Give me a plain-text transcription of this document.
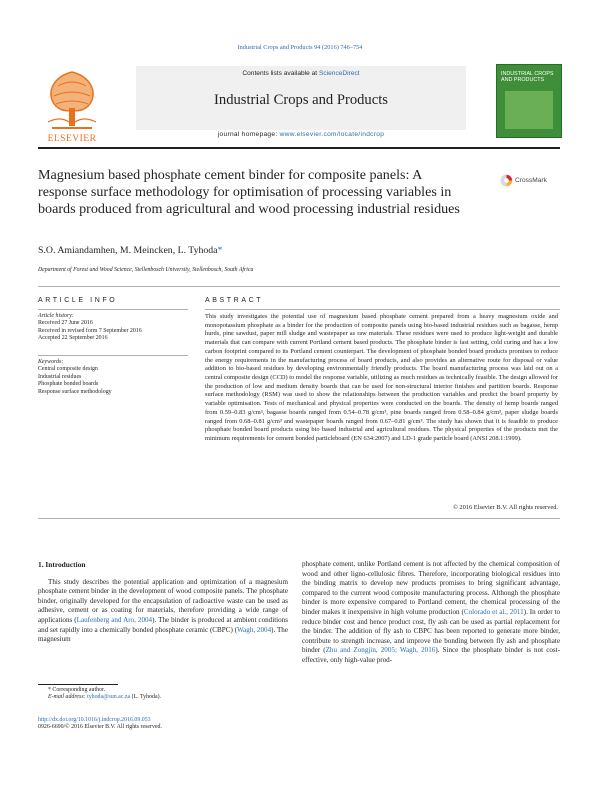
Industrial Crops and Products 94 (2016) 746–754
ELSEVIER
Contents lists available at ScienceDirect
Industrial Crops and Products
journal homepage: www.elsevier.com/locate/indcrop
INDUSTRIAL CROPS AND PRODUCTS
Magnesium based phosphate cement binder for composite panels: A response surface methodology for optimisation of processing variables in boards produced from agricultural and wood processing industrial residues
CrossMark
S.O. Amiandamhen, M. Meincken, L. Tyhoda*
Department of Forest and Wood Science, Stellenbosch University, Stellenbosch, South Africa
ARTICLE INFO	ABSTRACT
Article history:
Received 27 June 2016
Received in revised form 7 September 2016
Accepted 22 September 2016
Keywords:
Central composite design
Industrial residues
Phosphate bonded boards
Response surface methodology

This study investigates the potential use of magnesium based phosphate cement prepared from a heavy magnesium oxide and monopotassium phosphate as a binder for the production of composite panels using bio-based industrial residues such as bagasse, hemp hurds, pine sawdust, paper mill sludge and wastepaper as raw materials. These residues were used to produce light-weight and durable materials that can compare with current Portland cement based products. The phosphate binder is fast setting, cold curing and has a low carbon footprint compared to its Portland cement counterpart. The development of phosphate bonded board products promises to reduce the energy requirements in the manufacturing process of board products, and also provides an alternative route for disposal or value addition to bio-based residues by developing environmentally friendly products. The board manufacturing process was laid out on a central composite design (CCD) to model the response variable, utilizing as much residues as technically feasible. The design allowed for the production of low and medium density boards that can be used for non-structural interior finishes and partition boards. Response surface methodology (RSM) was used to show the relationships between the production variables and predict the board property by variable optimisation. Tests of mechanical and physical properties were conducted on the boards. The density of hemp boards ranged from 0.59–0.83 g/cm³, bagasse boards ranged from 0.54–0.78 g/cm³, pine boards ranged from 0.58–0.84 g/cm³, paper sludge boards ranged from 0.68–0.81 g/cm³ and wastepaper boards ranged from 0.67–0.81 g/cm³. The study has shown that it is feasible to produce phosphate bonded board products using bio based industrial and agricultural residues. The physical properties of the products met the minimum requirements for cement bonded particleboard (EN 634:2007) and LD-1 grade particle board (ANSI 208.1:1999).

© 2016 Elsevier B.V. All rights reserved.
1. Introduction

This study describes the potential application and optimization of a magnesium phosphate cement binder in the development of wood composite panels. The phosphate binder, originally developed for the encapsulation of radioactive waste can be used as adhesive, cement or as coating for materials, therefore providing a wide range of applications (Laufenberg and Aro, 2004). The binder is produced at ambient conditions and set rapidly into a chemically bonded phosphate ceramic (CBPC) (Wagh, 2004). The magnesium

phosphate cement, unlike Portland cement is not affected by the chemical composition of wood and other ligno-cellulosic fibres. Therefore, incorporating biological residues into the binding matrix to develop new products promises to bring significant advantage, compared to the current wood composite manufacturing process. Although the phosphate binder is more expensive compared to Portland cement, the chemical processing of the binder makes it inexpensive in high volume production (Colorado et al., 2011). In order to reduce binder cost and hence product cost, fly ash can be used as partial replacement for the binder. The addition of fly ash to CBPC has been reported to generate more binder, contribute to strength increase, and improve the bonding between fly ash and phosphate binder (Zhu and Zongjin, 2005; Wagh, 2016). Since the phosphate binder is not cost-effective, only high-value prod-

* Corresponding author.
E-mail address: tyhoda@sun.ac.za (L. Tyhoda).
http://dx.doi.org/10.1016/j.indcrop.2016.09.053
0926-6690/© 2016 Elsevier B.V. All rights reserved.
